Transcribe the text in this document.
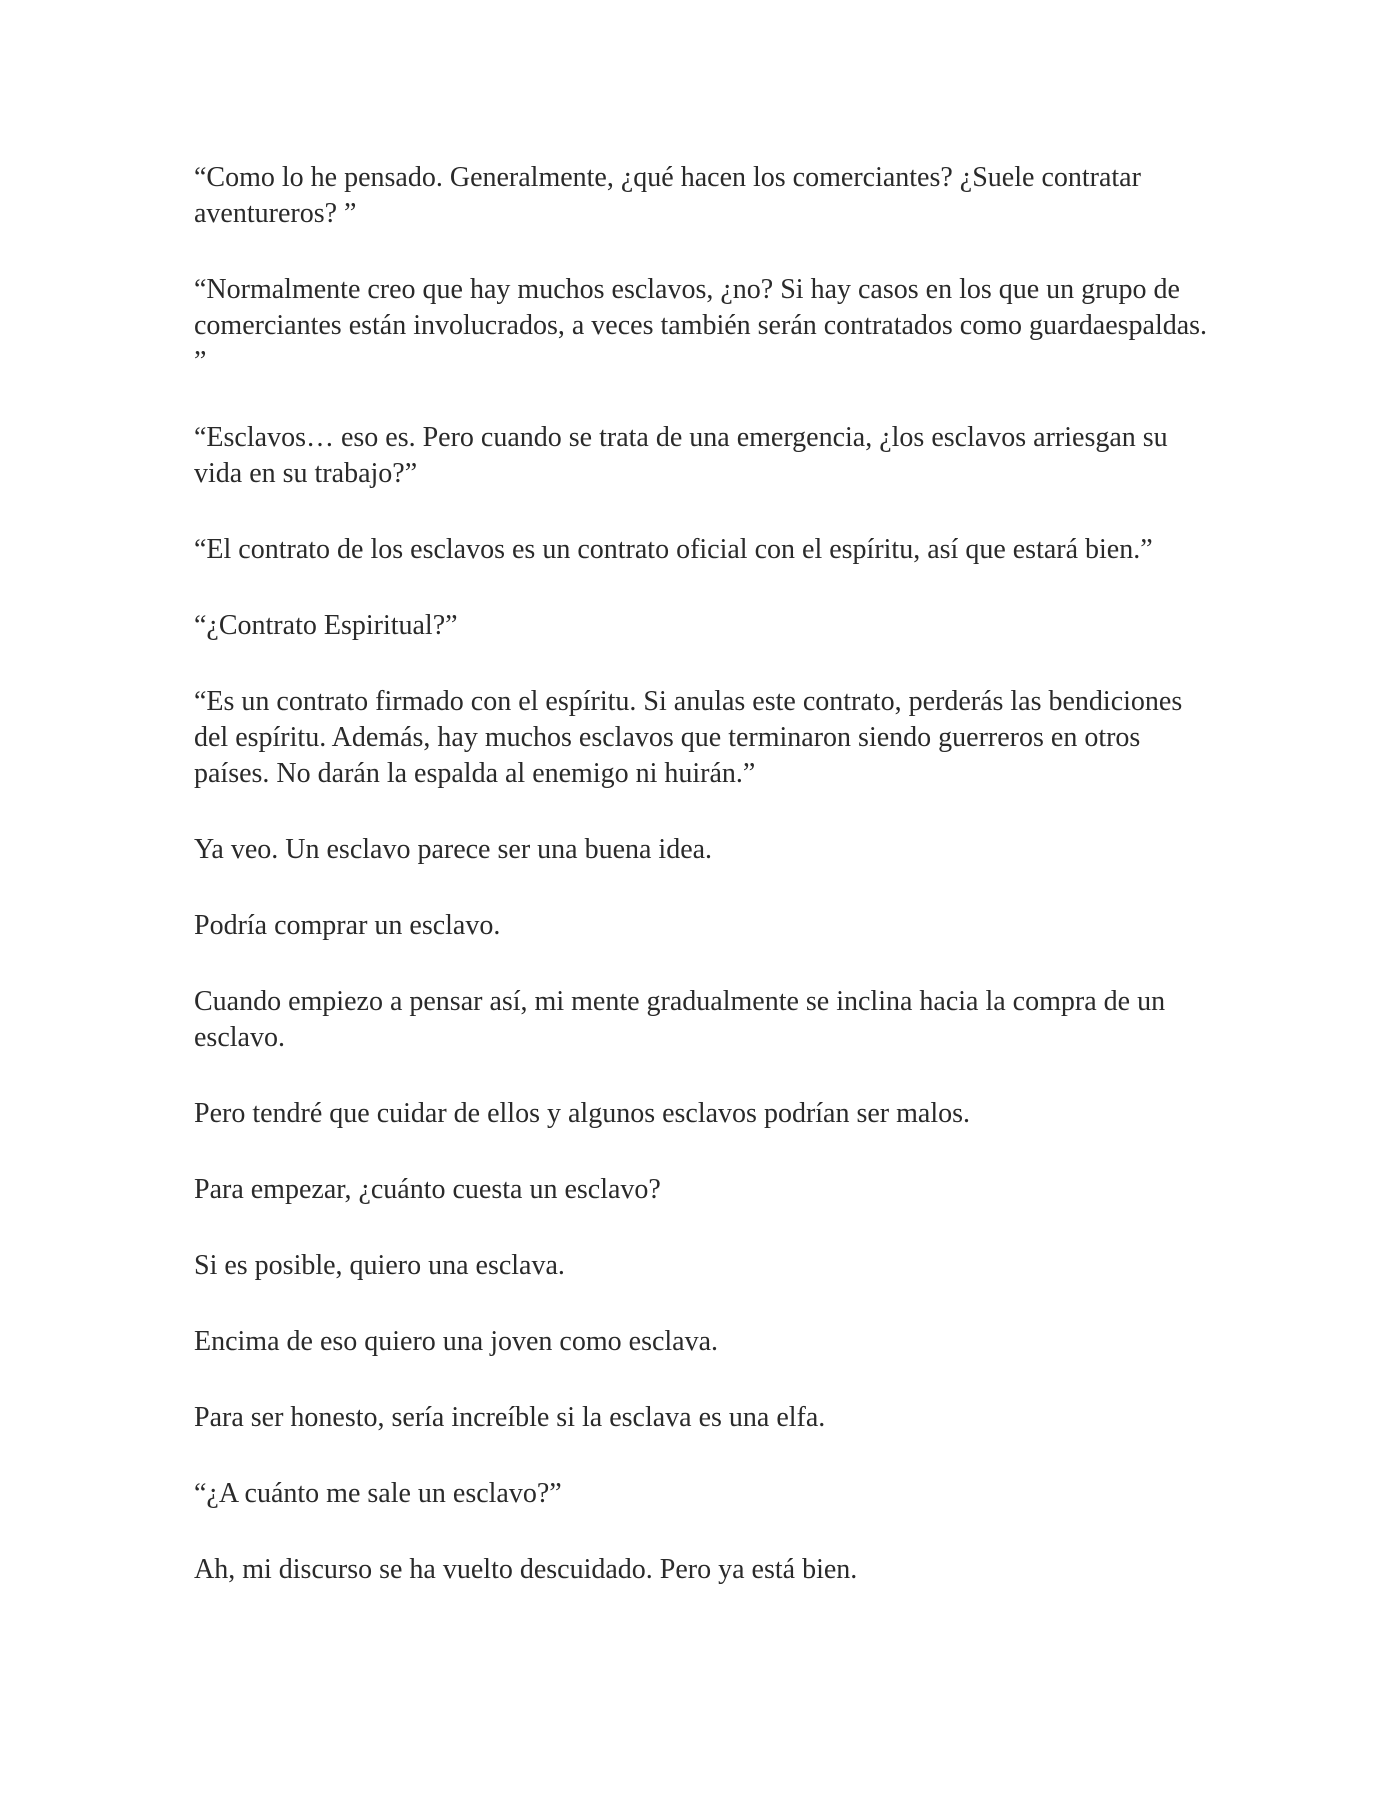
“Como lo he pensado. Generalmente, ¿qué hacen los comerciantes? ¿Suele contratar aventureros? ”

“Normalmente creo que hay muchos esclavos, ¿no? Si hay casos en los que un grupo de comerciantes están involucrados, a veces también serán contratados como guardaespaldas. ”

“Esclavos… eso es. Pero cuando se trata de una emergencia, ¿los esclavos arriesgan su vida en su trabajo?”

“El contrato de los esclavos es un contrato oficial con el espíritu, así que estará bien.”

“¿Contrato Espiritual?”

“Es un contrato firmado con el espíritu. Si anulas este contrato, perderás las bendiciones del espíritu. Además, hay muchos esclavos que terminaron siendo guerreros en otros países. No darán la espalda al enemigo ni huirán.”

Ya veo. Un esclavo parece ser una buena idea.

Podría comprar un esclavo.

Cuando empiezo a pensar así, mi mente gradualmente se inclina hacia la compra de un esclavo.

Pero tendré que cuidar de ellos y algunos esclavos podrían ser malos.

Para empezar, ¿cuánto cuesta un esclavo?

Si es posible, quiero una esclava.

Encima de eso quiero una joven como esclava.

Para ser honesto, sería increíble si la esclava es una elfa.

“¿A cuánto me sale un esclavo?”

Ah, mi discurso se ha vuelto descuidado. Pero ya está bien.
